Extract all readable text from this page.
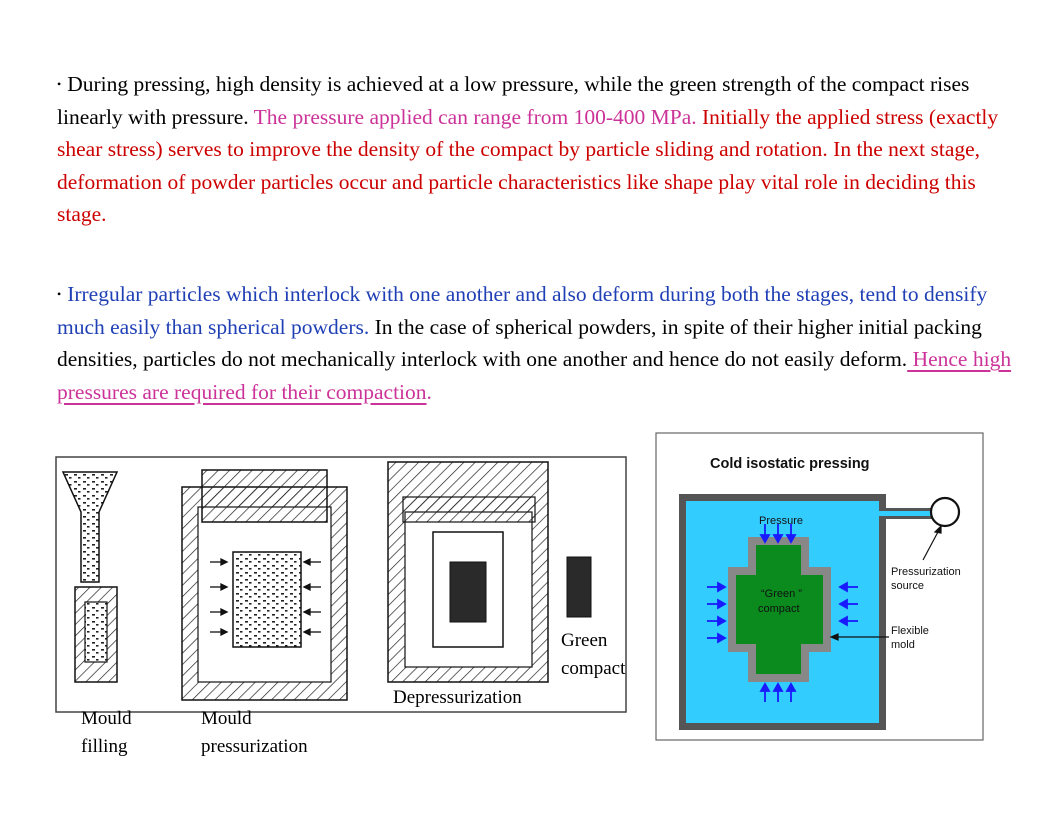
• During pressing, high density is achieved at a low pressure, while the green strength of the compact rises linearly with pressure. The pressure applied can range from 100-400 MPa. Initially the applied stress (exactly shear stress) serves to improve the density of the compact by particle sliding and rotation. In the next stage, deformation of powder particles occur and particle characteristics like shape play vital role in deciding this stage.
• Irregular particles which interlock with one another and also deform during both the stages, tend to densify much easily than spherical powders. In the case of spherical powders, in spite of their higher initial packing densities, particles do not mechanically interlock with one another and hence do not easily deform. Hence high pressures are required for their compaction.
Mould
filling
Mould
pressurization
Depressurization
Green
compact
Cold isostatic pressing
Pressure
“Green ”
compact
Pressurization
source
Flexible
mold
